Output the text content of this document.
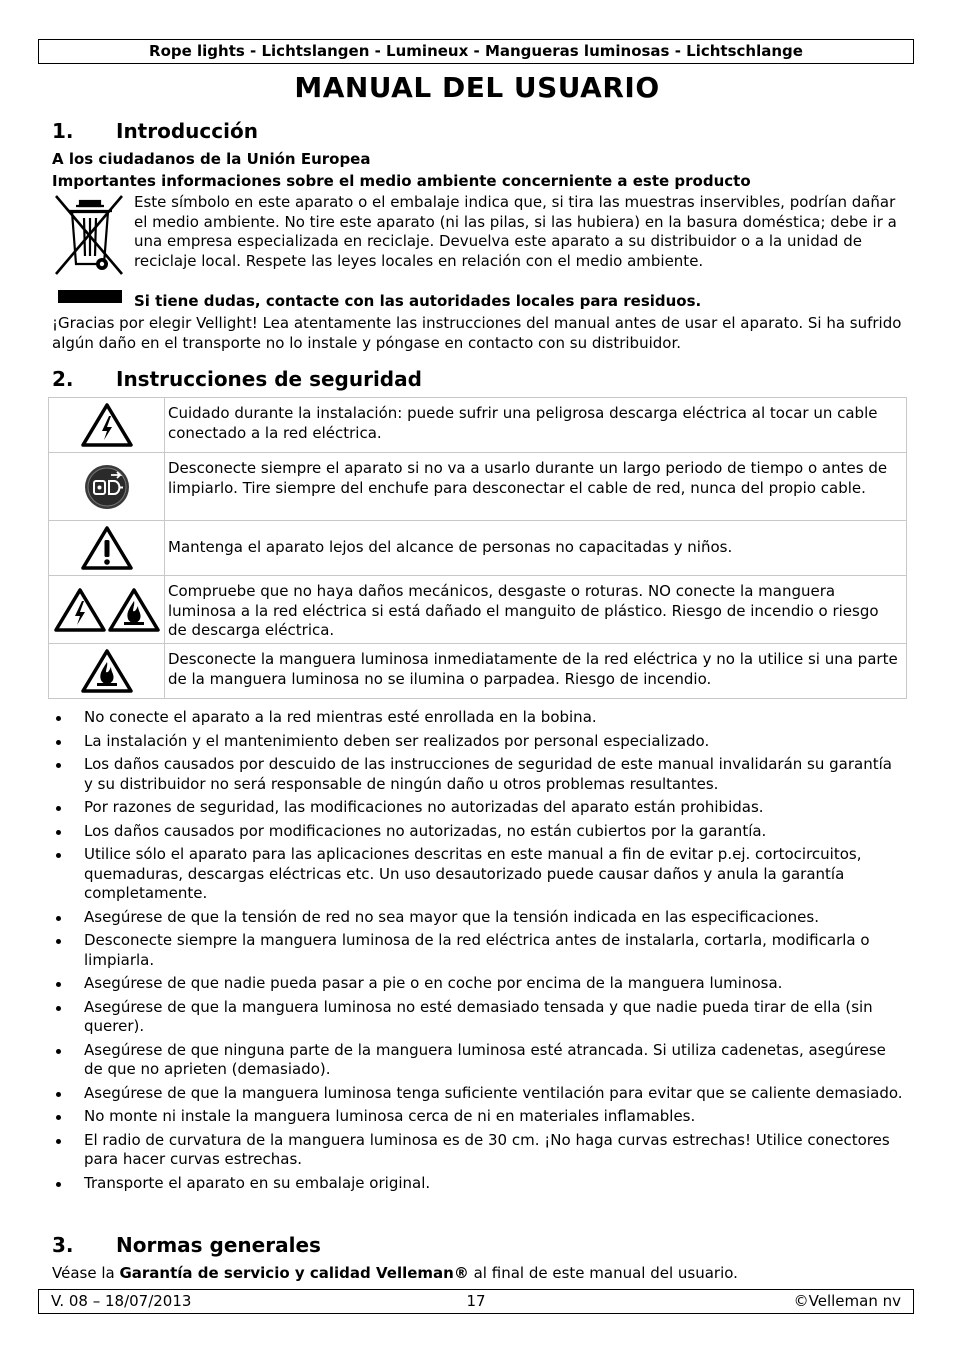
Rope lights - Lichtslangen - Lumineux - Mangueras luminosas - Lichtschlange
MANUAL DEL USUARIO
1. Introducción
A los ciudadanos de la Unión Europea
Importantes informaciones sobre el medio ambiente concerniente a este producto
Este símbolo en este aparato o el embalaje indica que, si tira las muestras inservibles, podrían dañar el medio ambiente. No tire este aparato (ni las pilas, si las hubiera) en la basura doméstica; debe ir a una empresa especializada en reciclaje. Devuelva este aparato a su distribuidor o a la unidad de reciclaje local. Respete las leyes locales en relación con el medio ambiente.
Si tiene dudas, contacte con las autoridades locales para residuos.
¡Gracias por elegir Vellight! Lea atentamente las instrucciones del manual antes de usar el aparato. Si ha sufrido algún daño en el transporte no lo instale y póngase en contacto con su distribuidor.
2. Instrucciones de seguridad
	Cuidado durante la instalación: puede sufrir una peligrosa descarga eléctrica al tocar un cable conectado a la red eléctrica.
	Desconecte siempre el aparato si no va a usarlo durante un largo periodo de tiempo o antes de limpiarlo. Tire siempre del enchufe para desconectar el cable de red, nunca del propio cable.
	Mantenga el aparato lejos del alcance de personas no capacitadas y niños.
	Compruebe que no haya daños mecánicos, desgaste o roturas. NO conecte la manguera luminosa a la red eléctrica si está dañado el manguito de plástico. Riesgo de incendio o riesgo de descarga eléctrica.
	Desconecte la manguera luminosa inmediatamente de la red eléctrica y no la utilice si una parte de la manguera luminosa no se ilumina o parpadea. Riesgo de incendio.
No conecte el aparato a la red mientras esté enrollada en la bobina.
La instalación y el mantenimiento deben ser realizados por personal especializado.
Los daños causados por descuido de las instrucciones de seguridad de este manual invalidarán su garantía y su distribuidor no será responsable de ningún daño u otros problemas resultantes.
Por razones de seguridad, las modificaciones no autorizadas del aparato están prohibidas.
Los daños causados por modificaciones no autorizadas, no están cubiertos por la garantía.
Utilice sólo el aparato para las aplicaciones descritas en este manual a fin de evitar p.ej. cortocircuitos, quemaduras, descargas eléctricas etc. Un uso desautorizado puede causar daños y anula la garantía completamente.
Asegúrese de que la tensión de red no sea mayor que la tensión indicada en las especificaciones.
Desconecte siempre la manguera luminosa de la red eléctrica antes de instalarla, cortarla, modificarla o limpiarla.
Asegúrese de que nadie pueda pasar a pie o en coche por encima de la manguera luminosa.
Asegúrese de que la manguera luminosa no esté demasiado tensada y que nadie pueda tirar de ella (sin querer).
Asegúrese de que ninguna parte de la manguera luminosa esté atrancada. Si utiliza cadenetas, asegúrese de que no aprieten (demasiado).
Asegúrese de que la manguera luminosa tenga suficiente ventilación para evitar que se caliente demasiado.
No monte ni instale la manguera luminosa cerca de ni en materiales inflamables.
El radio de curvatura de la manguera luminosa es de 30 cm. ¡No haga curvas estrechas! Utilice conectores para hacer curvas estrechas.
Transporte el aparato en su embalaje original.
3. Normas generales
Véase la Garantía de servicio y calidad Velleman® al final de este manual del usuario.
V. 08 – 18/07/2013	17	©Velleman nv
